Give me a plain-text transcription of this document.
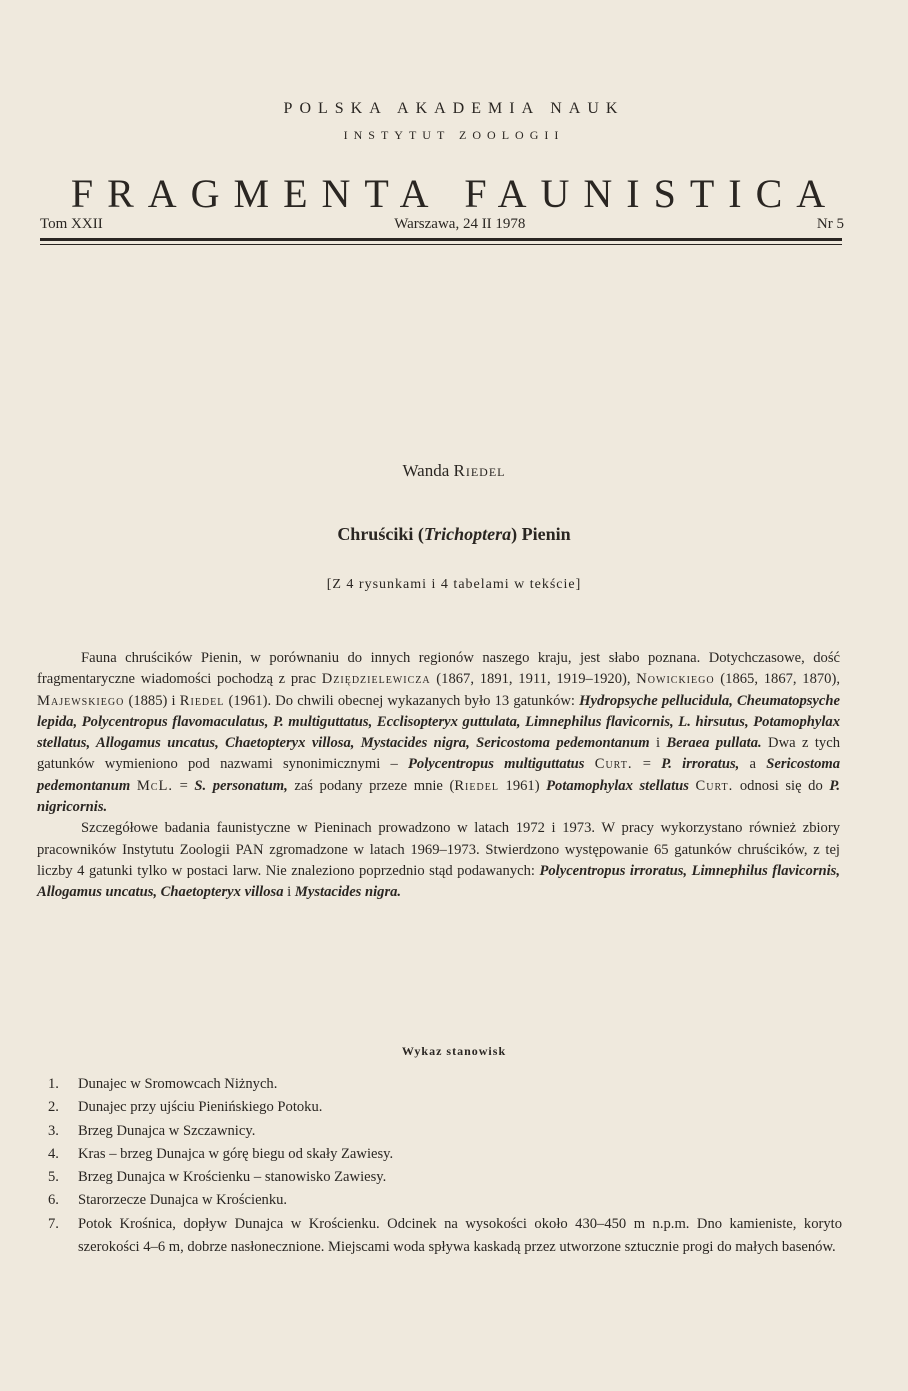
POLSKA AKADEMIA NAUK
INSTYTUT ZOOLOGII
FRAGMENTA FAUNISTICA
Tom XXII	Warszawa, 24 II 1978	Nr 5
Wanda Riedel
Chruściki (Trichoptera) Pienin
[Z 4 rysunkami i 4 tabelami w tekście]

Fauna chruścików Pienin, w porównaniu do innych regionów naszego kraju, jest słabo poznana. Dotychczasowe, dość fragmentaryczne wiadomości pochodzą z prac Dziędzielewicza (1867, 1891, 1911, 1919–1920), Nowickiego (1865, 1867, 1870), Majewskiego (1885) i Riedel (1961). Do chwili obecnej wykazanych było 13 gatunków: Hydropsyche pellucidula, Cheumatopsyche lepida, Polycentropus flavomaculatus, P. multiguttatus, Ecclisopteryx guttulata, Limnephilus flavicornis, L. hirsutus, Potamophylax stellatus, Allogamus uncatus, Chaetopteryx villosa, Mystacides nigra, Sericostoma pedemontanum i Beraea pullata. Dwa z tych gatunków wymieniono pod nazwami synonimicznymi – Polycentropus multiguttatus Curt. = P. irroratus, a Sericostoma pedemontanum McL. = S. personatum, zaś podany przeze mnie (Riedel 1961) Potamophylax stellatus Curt. odnosi się do P. nigricornis.

Szczegółowe badania faunistyczne w Pieninach prowadzono w latach 1972 i 1973. W pracy wykorzystano również zbiory pracowników Instytutu Zoologii PAN zgromadzone w latach 1969–1973. Stwierdzono występowanie 65 gatunków chruścików, z tej liczby 4 gatunki tylko w postaci larw. Nie znaleziono poprzednio stąd podawanych: Polycentropus irroratus, Limnephilus flavicornis, Allogamus uncatus, Chaetopteryx villosa i Mystacides nigra.

Wykaz stanowisk
1.	Dunajec w Sromowcach Niżnych.
2.	Dunajec przy ujściu Pienińskiego Potoku.
3.	Brzeg Dunajca w Szczawnicy.
4.	Kras – brzeg Dunajca w górę biegu od skały Zawiesy.
5.	Brzeg Dunajca w Krościenku – stanowisko Zawiesy.
6.	Starorzecze Dunajca w Krościenku.
7.	Potok Krośnica, dopływ Dunajca w Krościenku. Odcinek na wysokości około 430–450 m n.p.m. Dno kamieniste, koryto szerokości 4–6 m, dobrze nasłonecznione. Miejscami woda spływa kaskadą przez utworzone sztucznie progi do małych basenów.
